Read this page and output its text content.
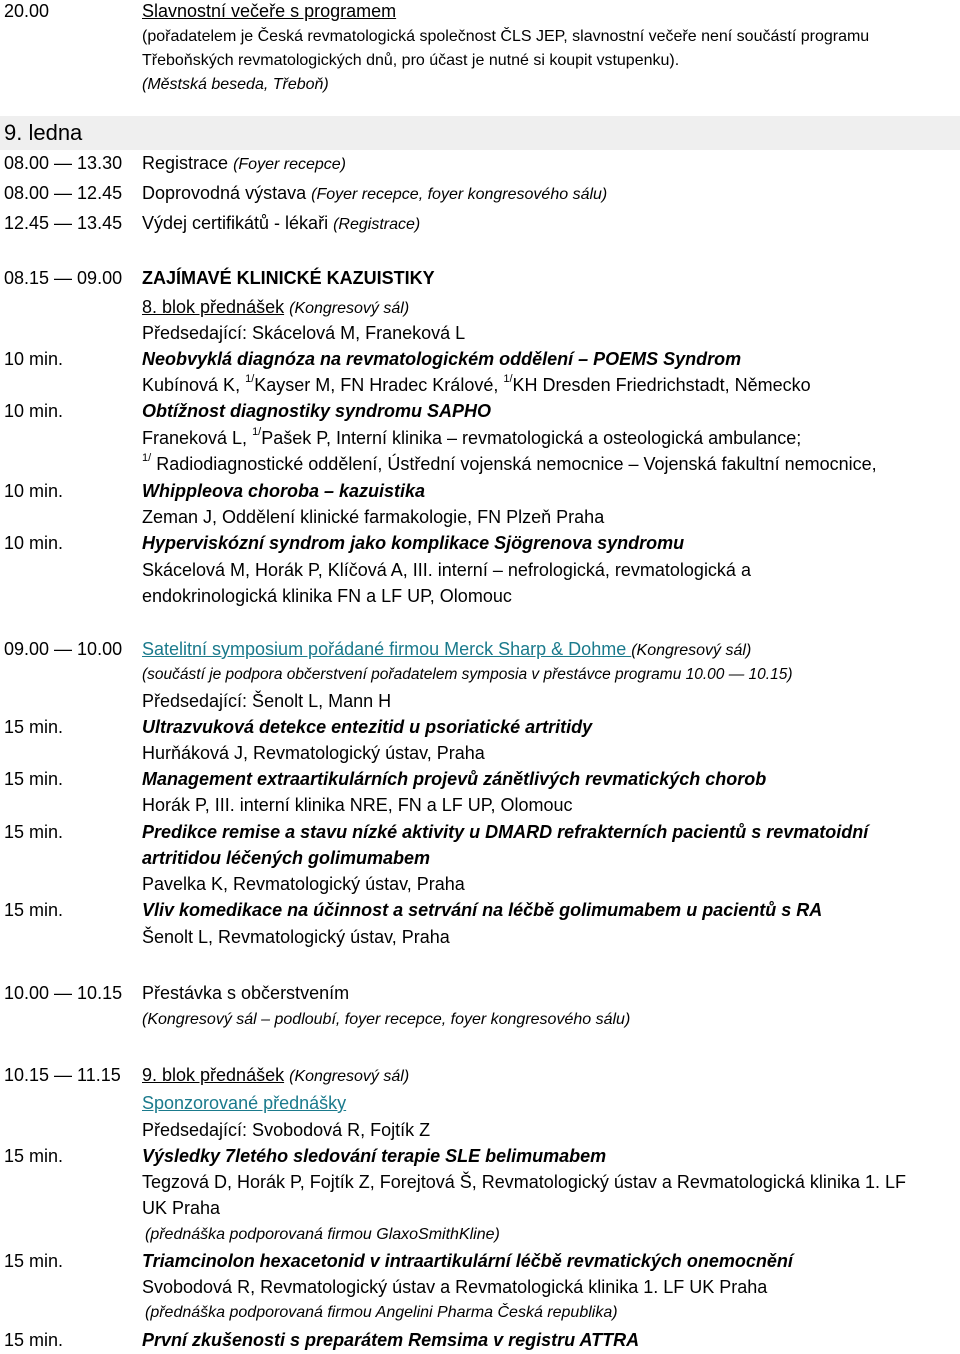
20.00	Slavnostní večeře s programem
(pořadatelem je Česká revmatologická společnost ČLS JEP, slavnostní večeře není součástí programu
Třeboňských revmatologických dnů, pro účast je nutné si koupit vstupenku).
(Městská beseda, Třeboň)
9. ledna
08.00 — 13.30 Registrace (Foyer recepce)
08.00 — 12.45 Doprovodná výstava (Foyer recepce, foyer kongresového sálu)
12.45 — 13.45 Výdej certifikátů - lékaři (Registrace)
08.15 — 09.00 ZAJÍMAVÉ KLINICKÉ KAZUISTIKY
8. blok přednášek (Kongresový sál)
Předsedající: Skácelová M, Franeková L
10 min.	Neobvyklá diagnóza na revmatologickém oddělení – POEMS Syndrom
Kubínová K, $^{1/}$Kayser M, FN Hradec Králové, $^{1/}$KH Dresden Friedrichstadt, Německo
10 min.	Obtížnost diagnostiky syndromu SAPHO
Franeková L, $^{1/}$Pašek P, Interní klinika – revmatologická a osteologická ambulance;
$^{1/}$ Radiodiagnostické oddělení, Ústřední vojenská nemocnice – Vojenská fakultní nemocnice,
10 min.	Whippleova choroba – kazuistika
Zeman J, Oddělení klinické farmakologie, FN Plzeň Praha
10 min.	Hyperviskózní syndrom jako komplikace Sjögrenova syndromu
Skácelová M, Horák P, Klíčová A, III. interní – nefrologická, revmatologická a
endokrinologická klinika FN a LF UP, Olomouc
09.00 — 10.00 Satelitní symposium pořádané firmou Merck Sharp & Dohme (Kongresový sál)
(součástí je podpora občerstvení pořadatelem symposia v přestávce programu 10.00 — 10.15)
Předsedající: Šenolt L, Mann H
15 min.	Ultrazvuková detekce entezitid u psoriatické artritidy
Hurňáková J, Revmatologický ústav, Praha
15 min.	Management extraartikulárních projevů zánětlivých revmatických chorob
Horák P, III. interní klinika NRE, FN a LF UP, Olomouc
15 min.	Predikce remise a stavu nízké aktivity u DMARD refrakterních pacientů s revmatoidní
artritidou léčených golimumabem
Pavelka K, Revmatologický ústav, Praha
15 min.	Vliv komedikace na účinnost a setrvání na léčbě golimumabem u pacientů s RA
Šenolt L, Revmatologický ústav, Praha
10.00 — 10.15 Přestávka s občerstvením
(Kongresový sál – podloubí, foyer recepce, foyer kongresového sálu)
10.15 — 11.15 9. blok přednášek (Kongresový sál)
Sponzorované přednášky
Předsedající: Svobodová R, Fojtík Z
15 min.	Výsledky 7letého sledování terapie SLE belimumabem
Tegzová D, Horák P, Fojtík Z, Forejtová Š, Revmatologický ústav a Revmatologická klinika 1. LF
UK Praha
(přednáška podporovaná firmou GlaxoSmithKline)
15 min.	Triamcinolon hexacetonid v intraartikulární léčbě revmatických onemocnění
Svobodová R, Revmatologický ústav a Revmatologická klinika 1. LF UK Praha
(přednáška podporovaná firmou Angelini Pharma Česká republika)
15 min.	První zkušenosti s preparátem Remsima v registru ATTRA
